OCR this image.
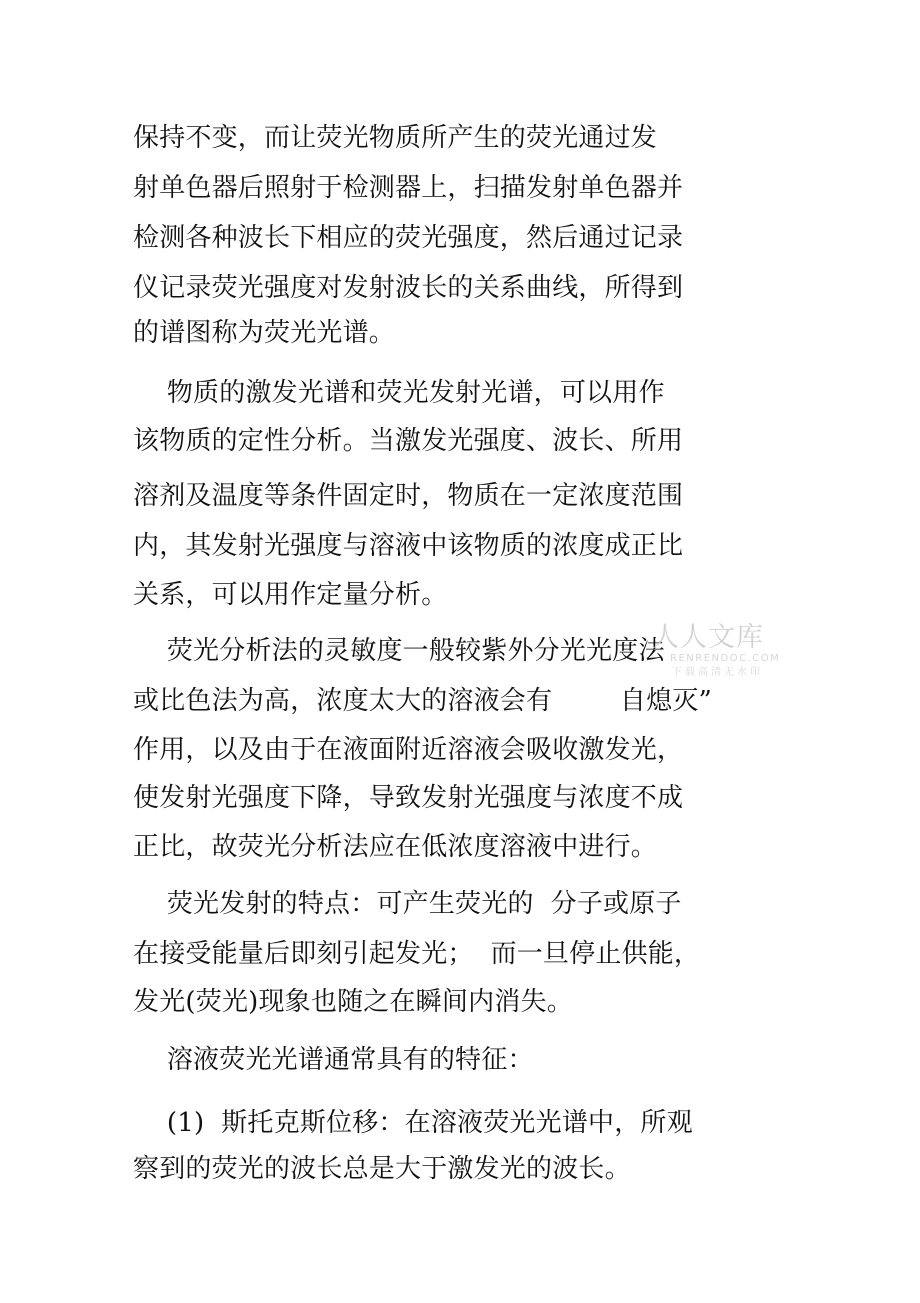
保持不变，而让荧光物质所产生的荧光通过发
射单色器后照射于检测器上，扫描发射单色器并
检测各种波长下相应的荧光强度，然后通过记录
仪记录荧光强度对发射波长的关系曲线，所得到
的谱图称为荧光光谱。
物质的激发光谱和荧光发射光谱，可以用作
该物质的定性分析。当激发光强度、波长、所用
溶剂及温度等条件固定时，物质在一定浓度范围
内，其发射光强度与溶液中该物质的浓度成正比
关系，可以用作定量分析。
荧光分析法的灵敏度一般较紫外分光光度法
或比色法为高，浓度太大的溶液会有        自熄灭”
作用，以及由于在液面附近溶液会吸收激发光，
使发射光强度下降，导致发射光强度与浓度不成
正比，故荧光分析法应在低浓度溶液中进行。
荧光发射的特点：可产生荧光的  分子或原子
在接受能量后即刻引起发光；  而一旦停止供能，
发光(荧光)现象也随之在瞬间内消失。
溶液荧光光谱通常具有的特征：
(1)  斯托克斯位移：在溶液荧光光谱中，所观
察到的荧光的波长总是大于激发光的波长。
人人文库
RENRENDOC.COM
下载高清无水印
